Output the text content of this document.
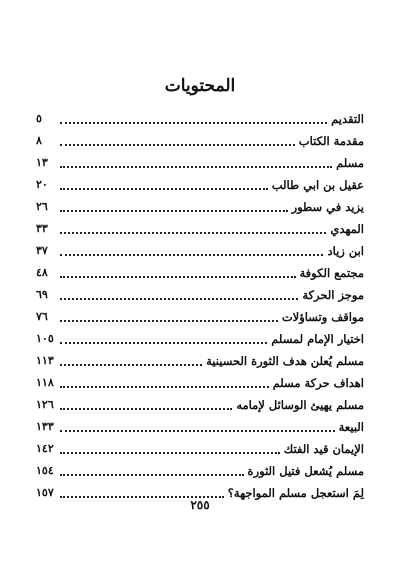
المحتويات
التقديم
٥
مقدمة الكتاب
٨
مسلم
١٣
عقيل بن ابي طالب
٢٠
يزيد في سطور
٢٦
المهدي
٣٣
ابن زياد
٣٧
مجتمع الكوفة
٤٨
موجز الحركة
٦٩
مواقف وتساؤلات
٧٦
اختيار الإمام لمسلم
١٠٥
مسلم يُعلن هدف الثورة الحسينية
١١٣
اهداف حركة مسلم
١١٨
مسلم يهيئ الوسائل لإمامه
١٢٦
البيعة
١٣٣
الإيمان قيد الفتك
١٤٢
مسلم يُشعل فتيل الثورة
١٥٤
لِمَ استعجل مسلم المواجهة؟
١٥٧
٢٥٥
